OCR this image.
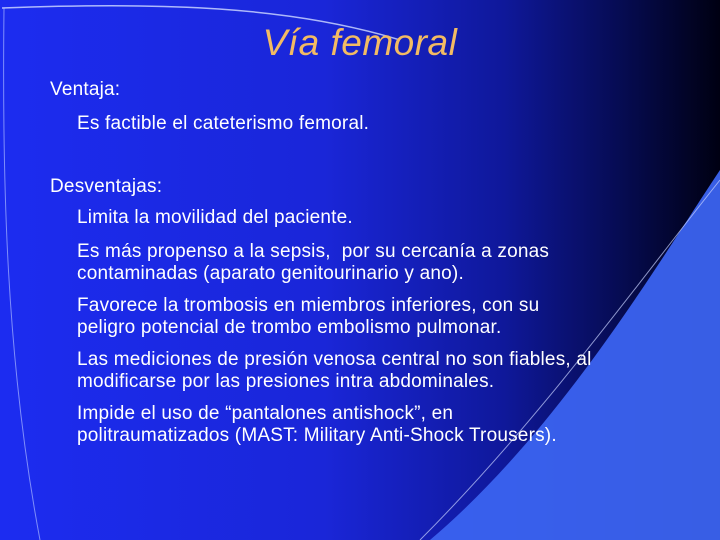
Vía femoral
Ventaja:
Es factible el cateterismo femoral.
Desventajas:
Limita la movilidad del paciente.
Es más propenso a la sepsis,  por su cercanía a zonas
contaminadas (aparato genitourinario y ano).
Favorece la trombosis en miembros inferiores, con su
peligro potencial de trombo embolismo pulmonar.
Las mediciones de presión venosa central no son fiables, al
modificarse por las presiones intra abdominales.
Impide el uso de “pantalones antishock”, en
politraumatizados (MAST: Military Anti-Shock Trousers).
